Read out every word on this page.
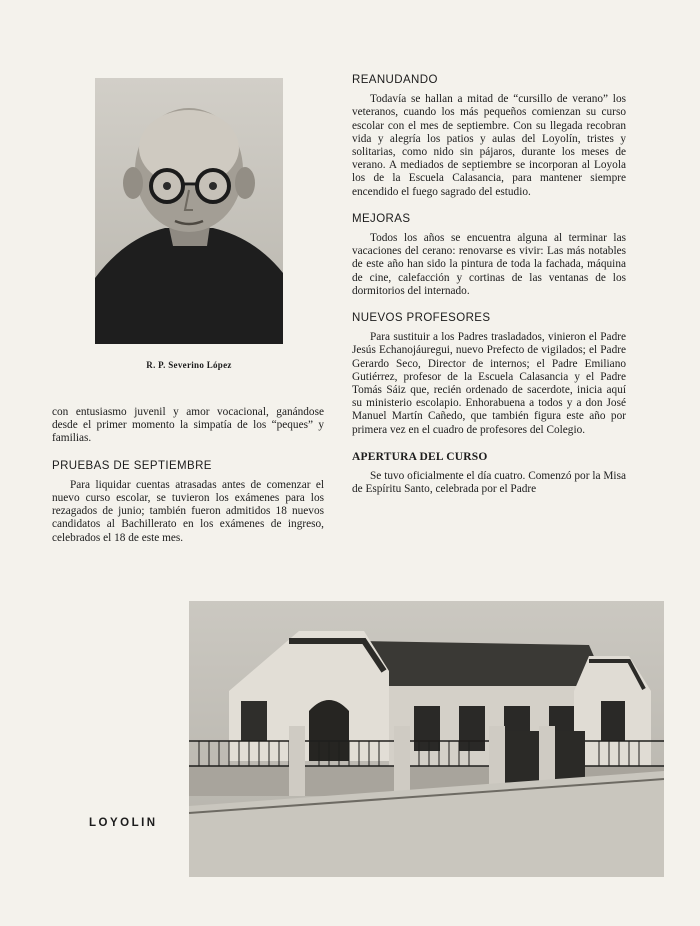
R. P. Severino López
REANUDANDO

Todavía se hallan a mitad de “cursillo de verano” los veteranos, cuando los más pequeños comienzan su curso escolar con el mes de septiembre. Con su llegada recobran vida y alegría los patios y aulas del Loyolín, tristes y solitarias, como nido sin pájaros, durante los meses de verano. A mediados de septiembre se incorporan al Loyola los de la Escuela Calasancia, para mantener siempre encendido el fuego sagrado del estudio.

MEJORAS

Todos los años se encuentra alguna al terminar las vacaciones del cerano: renovarse es vivir: Las más notables de este año han sido la pintura de toda la fachada, máquina de cine, calefacción y cortinas de las ventanas de los dormitorios del internado.

NUEVOS PROFESORES

Para sustituir a los Padres trasladados, vinieron el Padre Jesús Echanojáuregui, nuevo Prefecto de vigilados; el Padre Gerardo Seco, Director de internos; el Padre Emiliano Gutiérrez, profesor de la Escuela Calasancia y el Padre Tomás Sáiz que, recién ordenado de sacerdote, inicia aquí su ministerio escolapio. Enhorabuena a todos y a don José Manuel Martín Cañedo, que también figura este año por primera vez en el cuadro de profesores del Colegio.

APERTURA DEL CURSO

Se tuvo oficialmente el día cuatro. Comenzó por la Misa de Espíritu Santo, celebrada por el Padre

con entusiasmo juvenil y amor vocacional, ganándose desde el primer momento la simpatía de los “peques” y familias.

PRUEBAS DE SEPTIEMBRE

Para liquidar cuentas atrasadas antes de comenzar el nuevo curso escolar, se tuvieron los exámenes para los rezagados de junio; también fueron admitidos 18 nuevos candidatos al Bachillerato en los exámenes de ingreso, celebrados el 18 de este mes.

LOYOLIN
